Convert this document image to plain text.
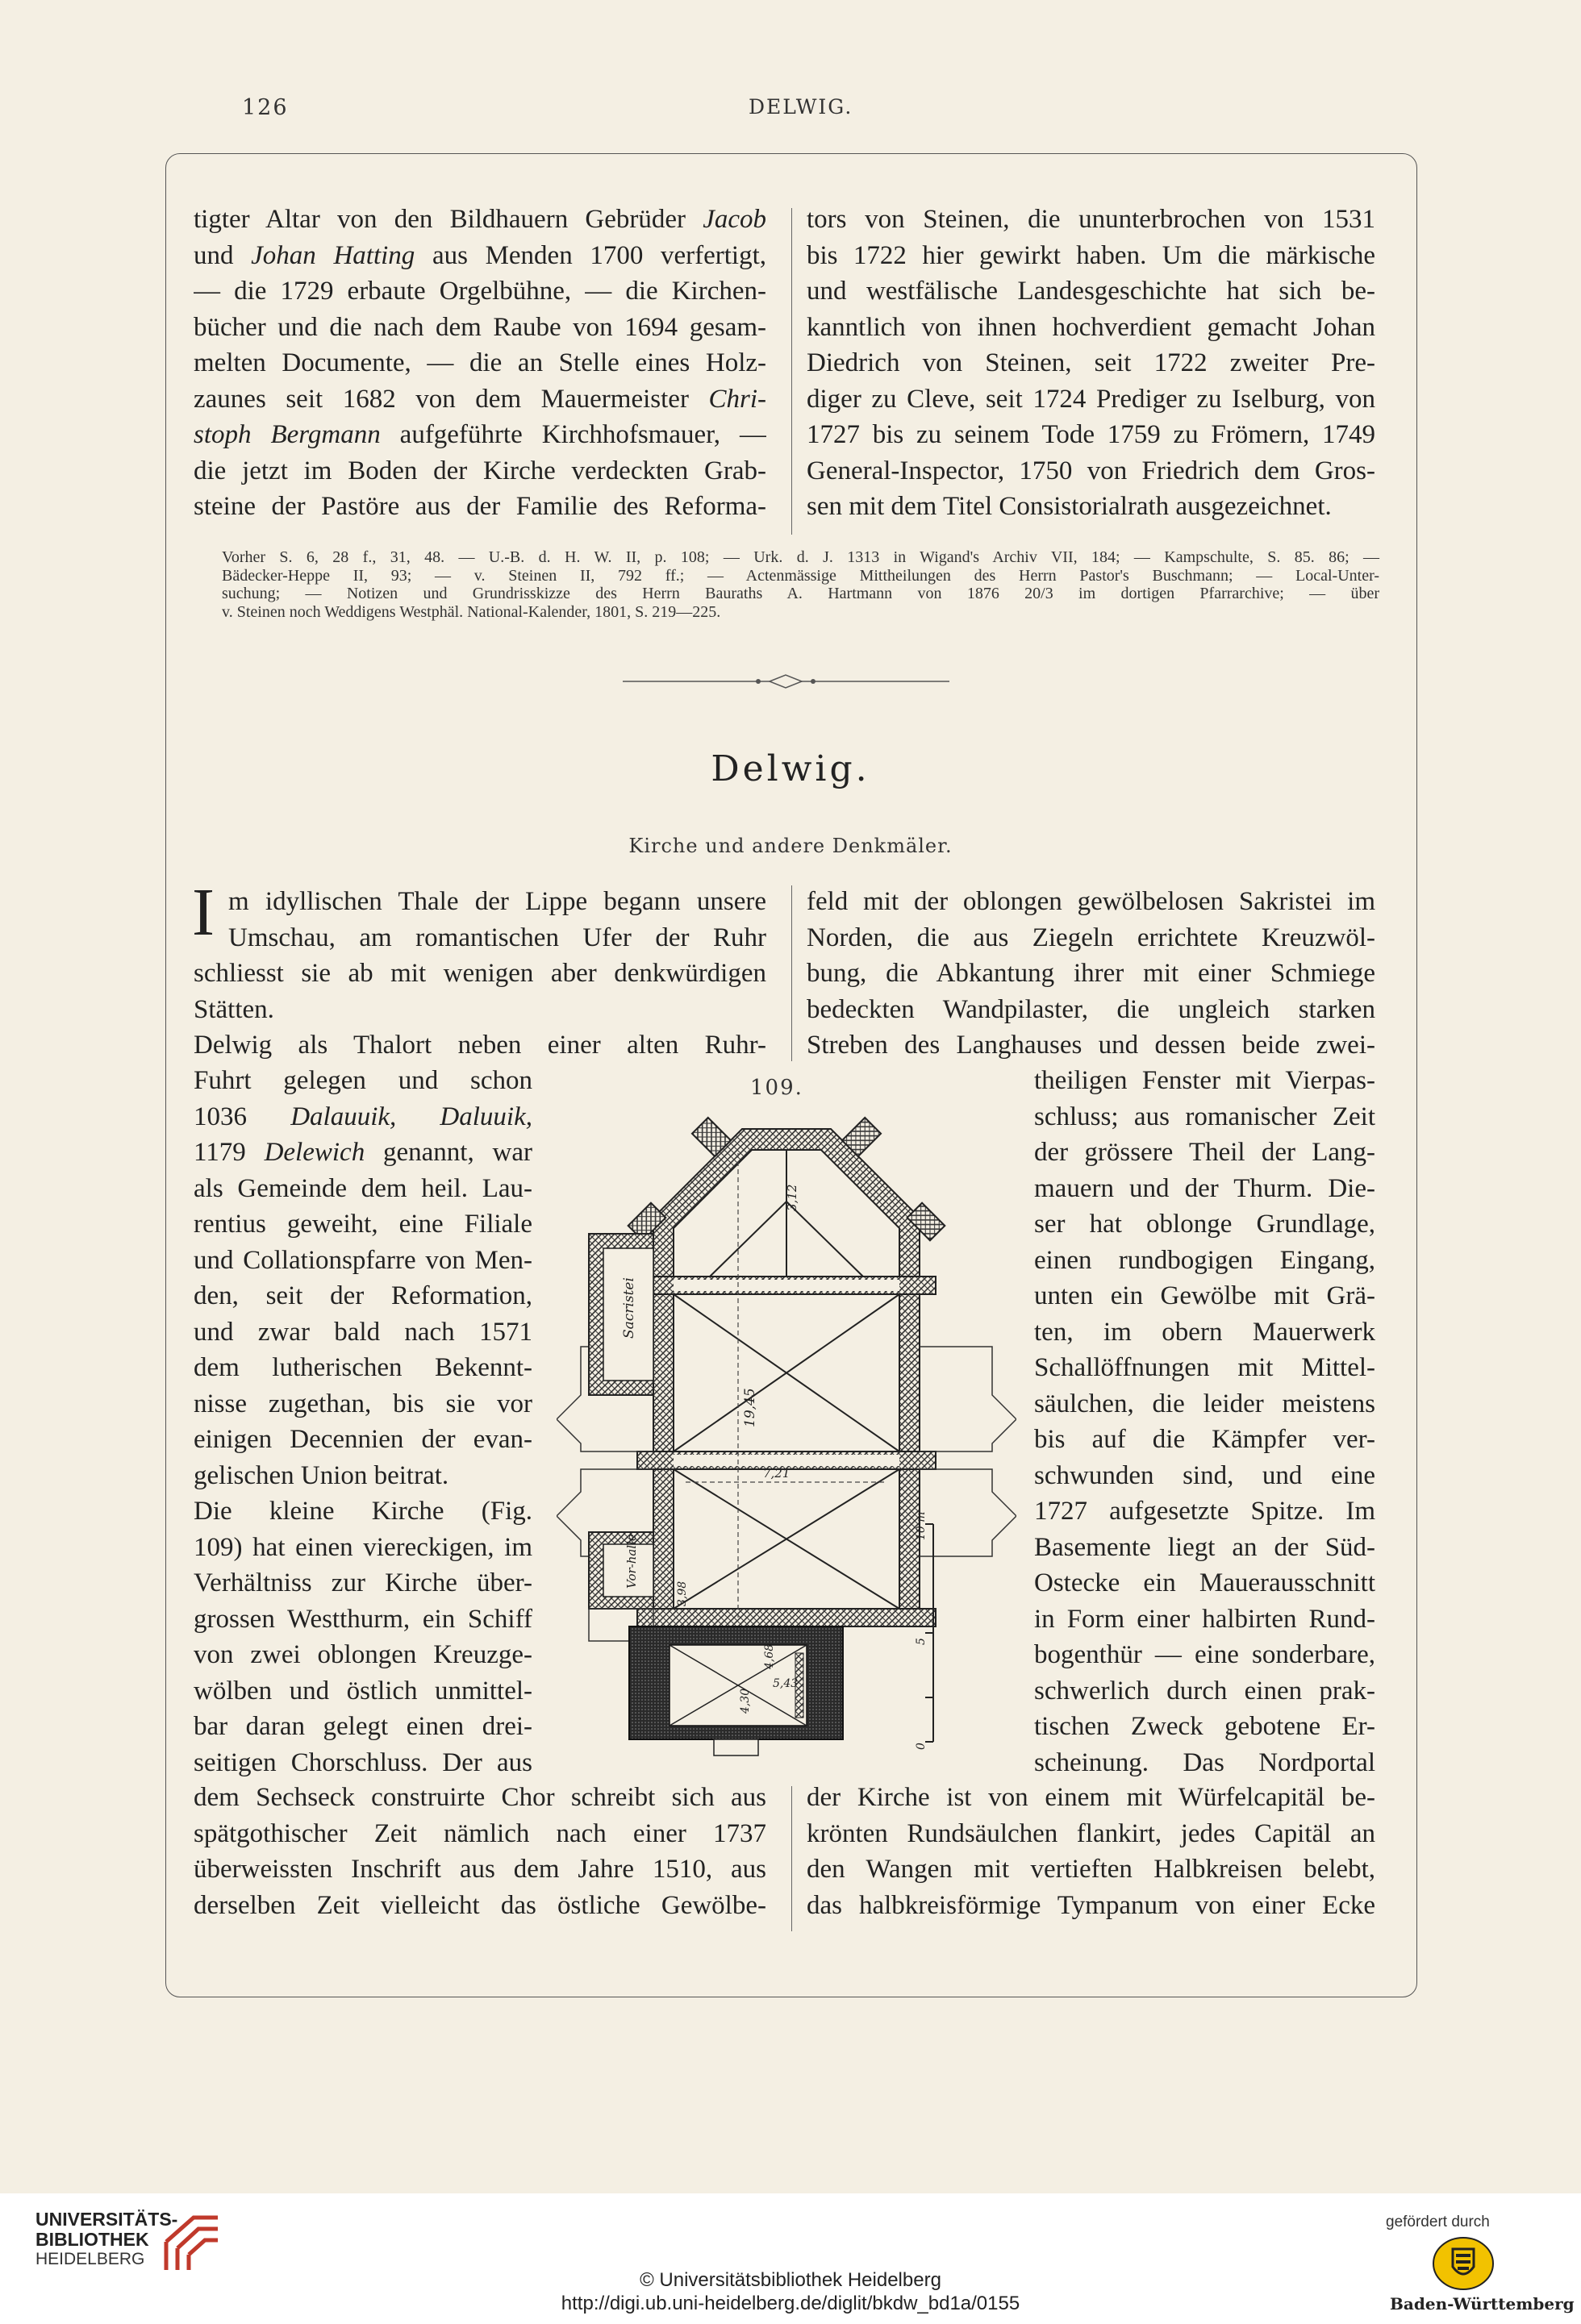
126	DELWIG.
tigter Altar von den Bildhauern Gebrüder Jacob
und Johan Hatting aus Menden 1700 verfertigt,
— die 1729 erbaute Orgelbühne, — die Kirchen-
bücher und die nach dem Raube von 1694 gesam-
melten Documente, — die an Stelle eines Holz-
zaunes seit 1682 von dem Mauermeister Chri-
stoph Bergmann aufgeführte Kirchhofsmauer, —
die jetzt im Boden der Kirche verdeckten Grab-
steine der Pastöre aus der Familie des Reforma-
tors von Steinen, die ununterbrochen von 1531
bis 1722 hier gewirkt haben. Um die märkische
und westfälische Landesgeschichte hat sich be-
kanntlich von ihnen hochverdient gemacht Johan
Diedrich von Steinen, seit 1722 zweiter Pre-
diger zu Cleve, seit 1724 Prediger zu Iselburg, von
1727 bis zu seinem Tode 1759 zu Frömern, 1749
General-Inspector, 1750 von Friedrich dem Gros-
sen mit dem Titel Consistorialrath ausgezeichnet.
Vorher S. 6, 28 f., 31, 48. — U.-B. d. H. W. II, p. 108; — Urk. d. J. 1313 in Wigand's Archiv VII, 184; — Kampschulte, S. 85. 86; —
Bädecker-Heppe II, 93; — v. Steinen II, 792 ff.; — Actenmässige Mittheilungen des Herrn Pastor's Buschmann; — Local-Unter-
suchung; — Notizen und Grundrisskizze des Herrn Bauraths A. Hartmann von 1876 20/3 im dortigen Pfarrarchive; — über
v. Steinen noch Weddigens Westphäl. National-Kalender, 1801, S. 219—225.
Delwig.
Kirche und andere Denkmäler.
I m idyllischen Thale der Lippe begann unsere
Umschau, am romantischen Ufer der Ruhr
schliesst sie ab mit wenigen aber denkwürdigen
Stätten.
Delwig als Thalort neben einer alten Ruhr-
feld mit der oblongen gewölbelosen Sakristei im
Norden, die aus Ziegeln errichtete Kreuzwöl-
bung, die Abkantung ihrer mit einer Schmiege
bedeckten Wandpilaster, die ungleich starken
Streben des Langhauses und dessen beide zwei-
Fuhrt gelegen und schon
1036 Dalauuik, Daluuik,
1179 Delewich genannt, war
als Gemeinde dem heil. Lau-
rentius geweiht, eine Filiale
und Collationspfarre von Men-
den, seit der Reformation,
und zwar bald nach 1571
dem lutherischen Bekennt-
nisse zugethan, bis sie vor
einigen Decennien der evan-
gelischen Union beitrat.
Die kleine Kirche (Fig.
109) hat einen viereckigen, im
Verhältniss zur Kirche über-
grossen Westthurm, ein Schiff
von zwei oblongen Kreuzge-
wölben und östlich unmittel-
bar daran gelegt einen drei-
seitigen Chorschluss. Der aus
theiligen Fenster mit Vierpas-
schluss; aus romanischer Zeit
der grössere Theil der Lang-
mauern und der Thurm. Die-
ser hat oblonge Grundlage,
einen rundbogigen Eingang,
unten ein Gewölbe mit Grä-
ten, im obern Mauerwerk
Schallöffnungen mit Mittel-
säulchen, die leider meistens
bis auf die Kämpfer ver-
schwunden sind, und eine
1727 aufgesetzte Spitze. Im
Basemente liegt an der Süd-
Ostecke ein Mauerausschnitt
in Form einer halbirten Rund-
bogenthür — eine sonderbare,
schwerlich durch einen prak-
tischen Zweck gebotene Er-
scheinung. Das Nordportal
109.
Sacristei
Vor-halle
3,12
19,45
7,21
4,30
4,68
5,43
3,98
10 m
5
0
dem Sechseck construirte Chor schreibt sich aus
spätgothischer Zeit nämlich nach einer 1737
überweissten Inschrift aus dem Jahre 1510, aus
derselben Zeit vielleicht das östliche Gewölbe-
der Kirche ist von einem mit Würfelcapitäl be-
krönten Rundsäulchen flankirt, jedes Capitäl an
den Wangen mit vertieften Halbkreisen belebt,
das halbkreisförmige Tympanum von einer Ecke
UNIVERSITÄTS-
BIBLIOTHEK
HEIDELBERG
© Universitätsbibliothek Heidelberg
http://digi.ub.uni-heidelberg.de/diglit/bkdw_bd1a/0155
gefördert durch
Baden-Württemberg
